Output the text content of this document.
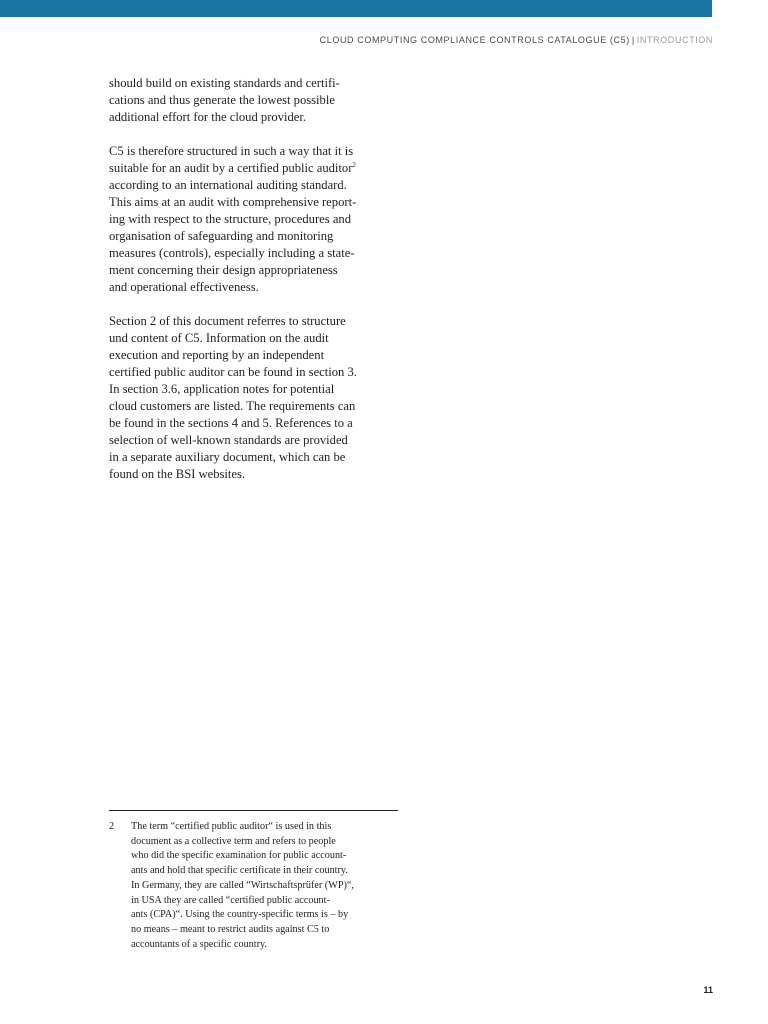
CLOUD COMPUTING COMPLIANCE CONTROLS CATALOGUE (C5) | INTRODUCTION

should build on existing standards and certifi-
cations and thus generate the lowest possible
additional effort for the cloud provider.

C5 is therefore structured in such a way that it is
suitable for an audit by a certified public auditor$^2$
according to an international auditing standard.
This aims at an audit with comprehensive report-
ing with respect to the structure, procedures and
organisation of safeguarding and monitoring
measures (controls), especially including a state-
ment concerning their design appropriateness
and operational effectiveness.

Section 2 of this document referres to structure
und content of C5. Information on the audit
execution and reporting by an independent
certified public auditor can be found in section 3.
In section 3.6, application notes for potential
cloud customers are listed. The requirements can
be found in the sections 4 and 5. References to a
selection of well-known standards are provided
in a separate auxiliary document, which can be
found on the BSI websites.

2 The term “certified public auditor“ is used in this
document as a collective term and refers to people
who did the specific examination for public account-
ants and hold that specific certificate in their country.
In Germany, they are called “Wirtschaftsprüfer (WP)“,
in USA they are called “certified public account-
ants (CPA)“. Using the country-specific terms is – by
no means – meant to restrict audits against C5 to
accountants of a specific country.
11
